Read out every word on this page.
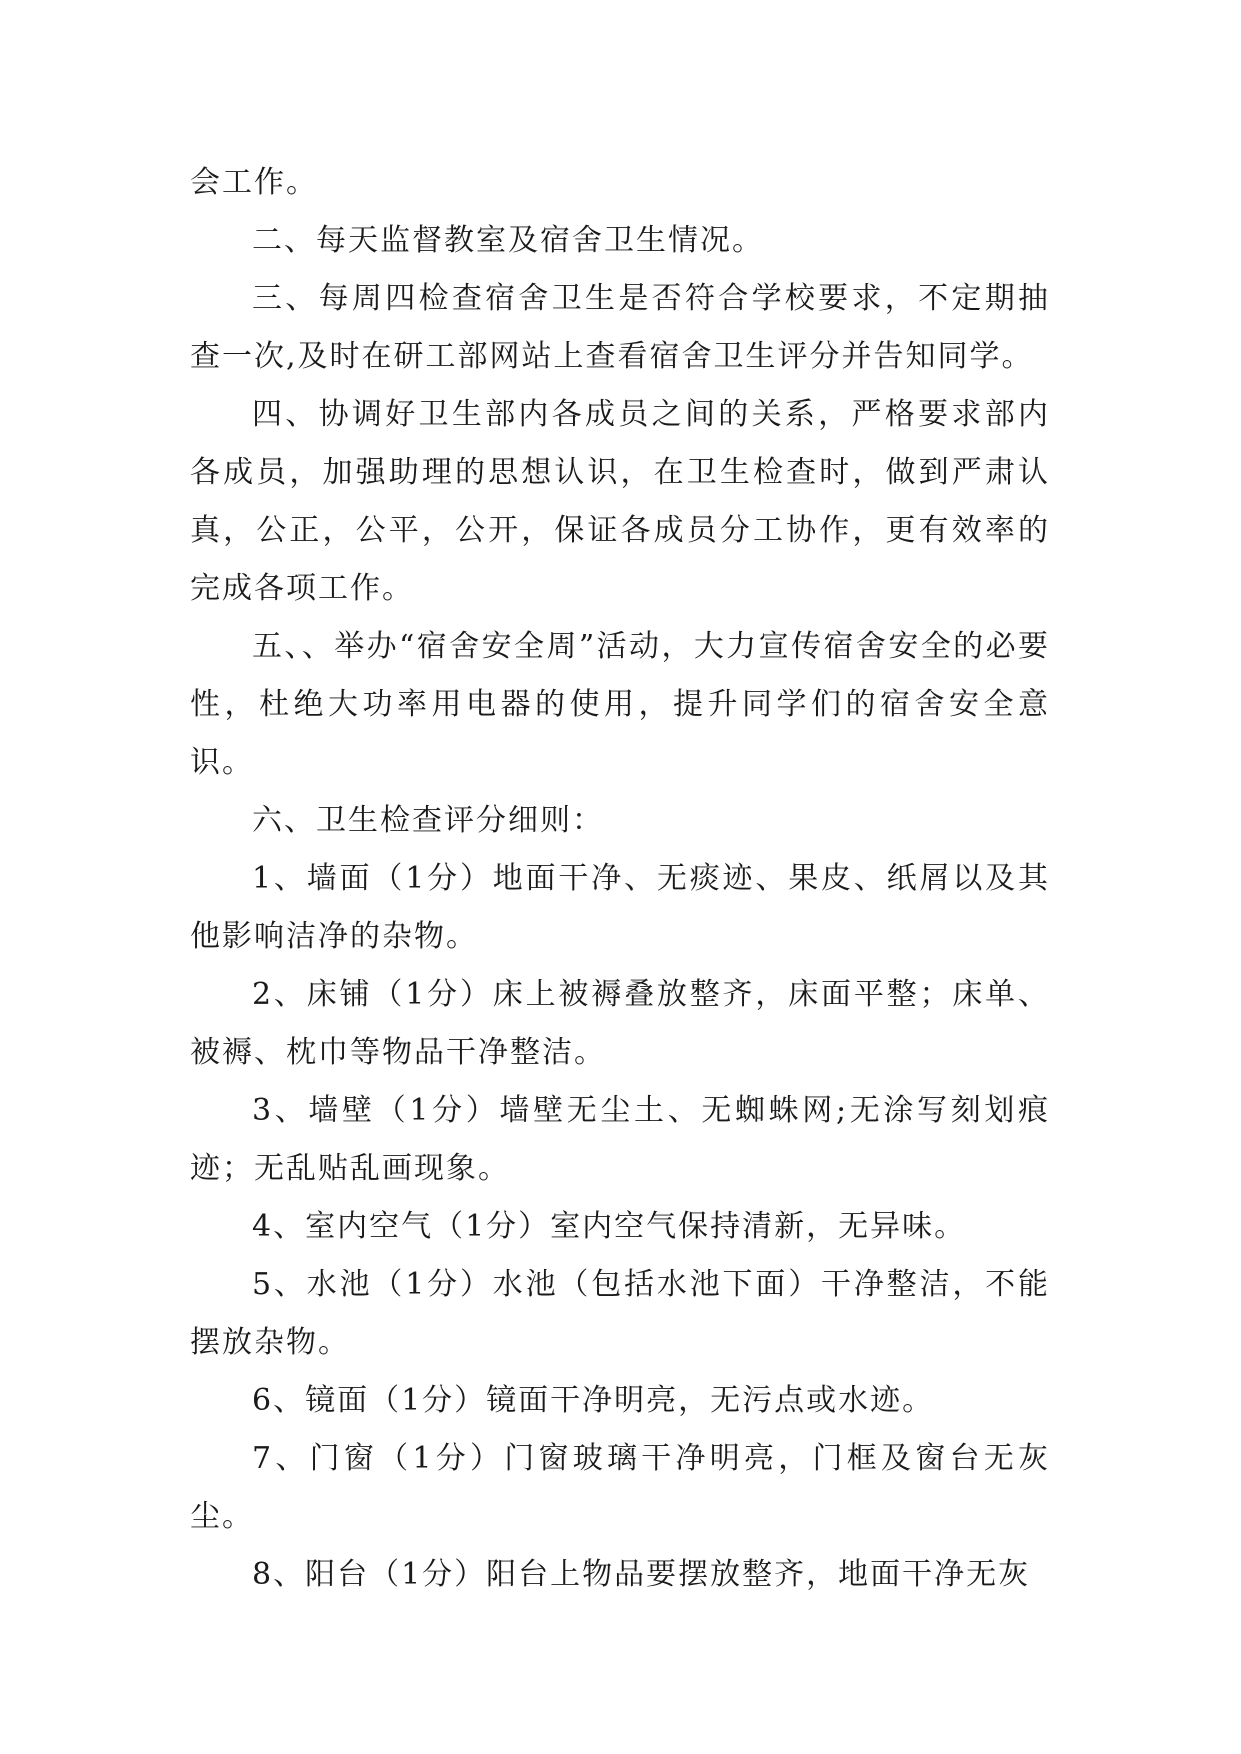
会工作。

二、每天监督教室及宿舍卫生情况。

三、每周四检查宿舍卫生是否符合学校要求，不定期抽查一次,及时在研工部网站上查看宿舍卫生评分并告知同学。

四、协调好卫生部内各成员之间的关系，严格要求部内各成员，加强助理的思想认识，在卫生检查时，做到严肃认真，公正，公平，公开，保证各成员分工协作，更有效率的完成各项工作。

五、、举办“宿舍安全周”活动，大力宣传宿舍安全的必要性，杜绝大功率用电器的使用，提升同学们的宿舍安全意识。

六、卫生检查评分细则：

1、墙面（1分）地面干净、无痰迹、果皮、纸屑以及其他影响洁净的杂物。

2、床铺（1分）床上被褥叠放整齐，床面平整；床单、被褥、枕巾等物品干净整洁。

3、墙壁（1分）墙壁无尘土、无蜘蛛网;无涂写刻划痕迹；无乱贴乱画现象。

4、室内空气（1分）室内空气保持清新，无异味。

5、水池（1分）水池（包括水池下面）干净整洁，不能摆放杂物。

6、镜面（1分）镜面干净明亮，无污点或水迹。

7、门窗（1分）门窗玻璃干净明亮，门框及窗台无灰尘。

8、阳台（1分）阳台上物品要摆放整齐，地面干净无灰
